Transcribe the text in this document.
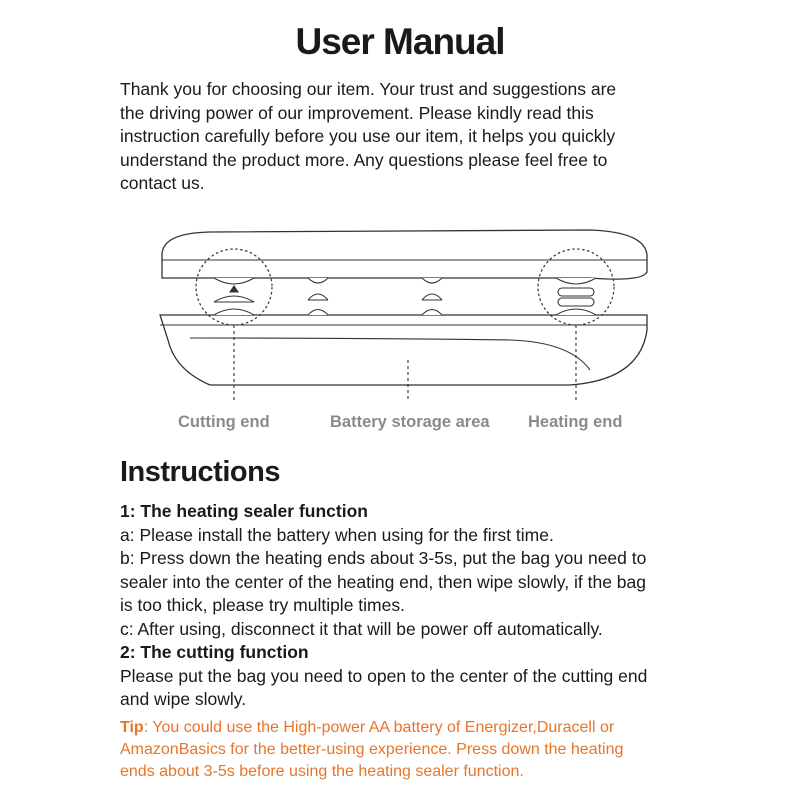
User Manual

Thank you for choosing our item. Your trust and suggestions are

the driving power of our improvement. Please kindly read this

instruction carefully before you use our item, it helps you quickly

understand the product more. Any questions please feel free to

contact us.

Cutting end	Battery storage area Heating end
Instructions

1: The heating sealer function

a: Please install the battery when using for the first time.

b: Press down the heating ends about 3-5s, put the bag you need to

sealer into the center of the heating end, then wipe slowly, if the bag

is too thick, please try multiple times.

c: After using, disconnect it that will be power off automatically.

2: The cutting function

Please put the bag you need to open to the center of the cutting end

and wipe slowly.

Tip: You could use the High-power AA battery of Energizer,Duracell or

AmazonBasics for the better-using experience. Press down the heating

ends about 3-5s before using the heating sealer function.
